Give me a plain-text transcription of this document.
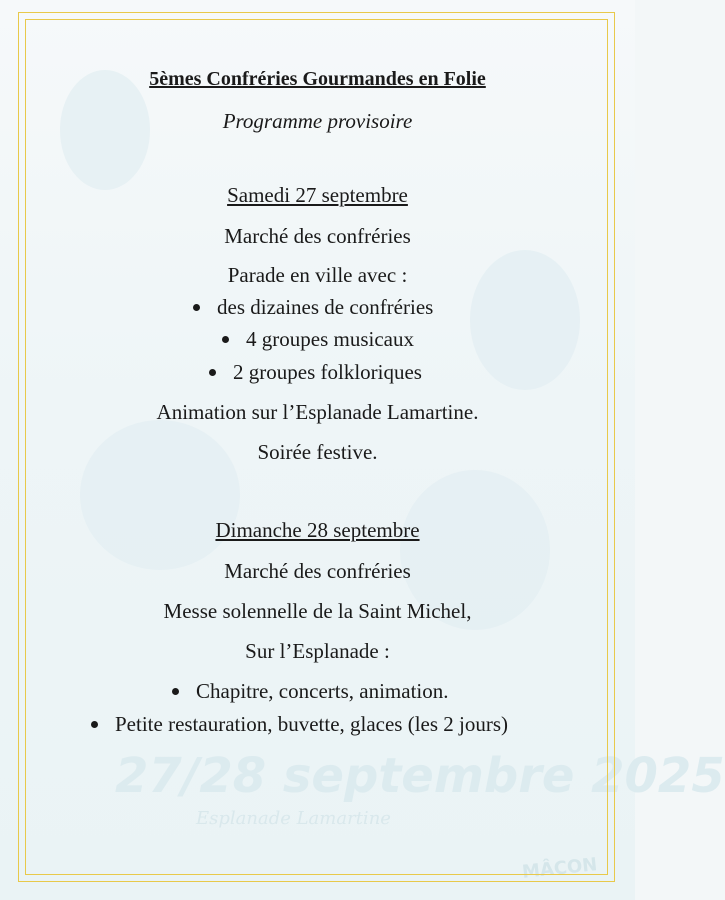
27/28 septembre 2025
Esplanade Lamartine
MÂCON
5èmes Confréries Gourmandes en Folie
Programme provisoire
Samedi 27 septembre
Marché des confréries
Parade en ville avec :
des dizaines de confréries
4 groupes musicaux
2 groupes folkloriques
Animation sur l’Esplanade Lamartine.
Soirée festive.
Dimanche 28 septembre
Marché des confréries
Messe solennelle de la Saint Michel,
Sur l’Esplanade :
Chapitre, concerts, animation.
Petite restauration, buvette, glaces (les 2 jours)
